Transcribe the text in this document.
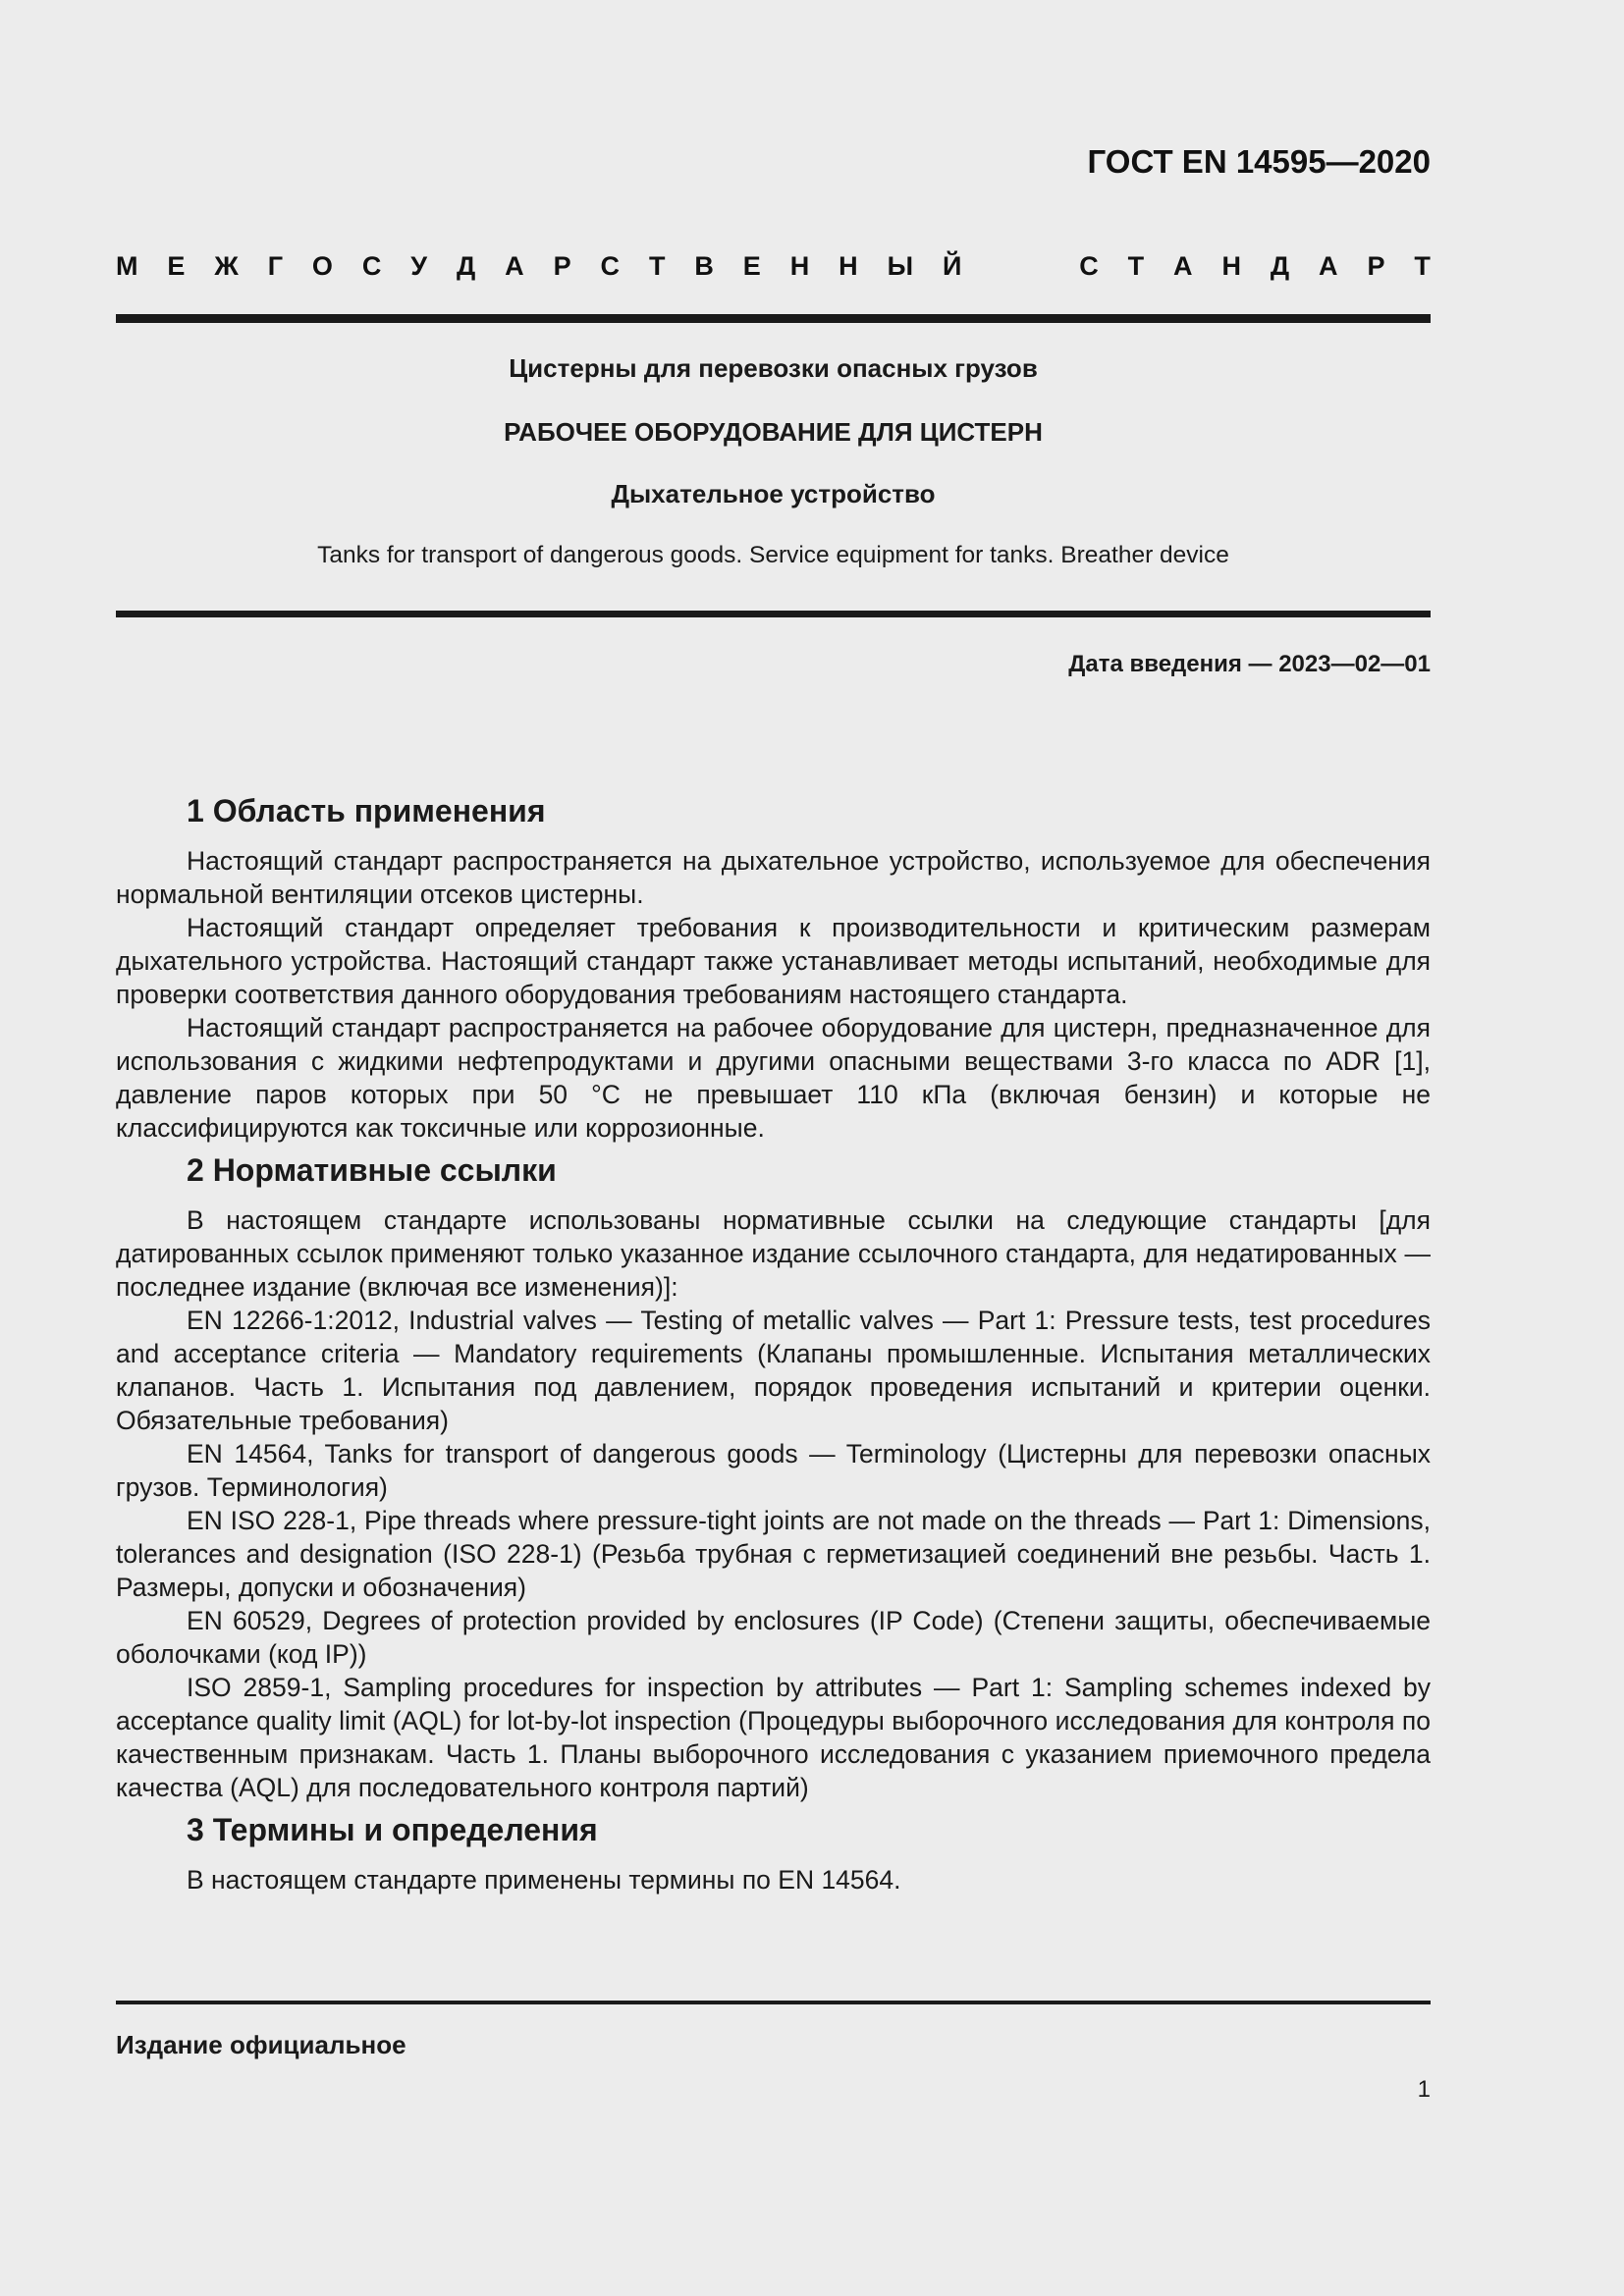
ГОСТ EN 14595—2020
М Е Ж Г О С У Д А Р С Т В Е Н Н Ы Й	С Т А Н Д А Р Т
Цистерны для перевозки опасных грузов
РАБОЧЕЕ ОБОРУДОВАНИЕ ДЛЯ ЦИСТЕРН
Дыхательное устройство
Tanks for transport of dangerous goods. Service equipment for tanks. Breather device
Дата введения — 2023—02—01
1 Область применения

Настоящий стандарт распространяется на дыхательное устройство, используемое для обеспечения нормальной вентиляции отсеков цистерны.

Настоящий стандарт определяет требования к производительности и критическим размерам дыхательного устройства. Настоящий стандарт также устанавливает методы испытаний, необходимые для проверки соответствия данного оборудования требованиям настоящего стандарта.

Настоящий стандарт распространяется на рабочее оборудование для цистерн, предназначенное для использования с жидкими нефтепродуктами и другими опасными веществами 3-го класса по ADR [1], давление паров которых при 50 °С не превышает 110 кПа (включая бензин) и которые не классифицируются как токсичные или коррозионные.

2 Нормативные ссылки

В настоящем стандарте использованы нормативные ссылки на следующие стандарты [для датированных ссылок применяют только указанное издание ссылочного стандарта, для недатированных — последнее издание (включая все изменения)]:

EN 12266-1:2012, Industrial valves — Testing of metallic valves — Part 1: Pressure tests, test procedures and acceptance criteria — Mandatory requirements (Клапаны промышленные. Испытания металлических клапанов. Часть 1. Испытания под давлением, порядок проведения испытаний и критерии оценки. Обязательные требования)

EN 14564, Tanks for transport of dangerous goods — Terminology (Цистерны для перевозки опасных грузов. Терминология)

EN ISO 228-1, Pipe threads where pressure-tight joints are not made on the threads — Part 1: Dimensions, tolerances and designation (ISO 228-1) (Резьба трубная с герметизацией соединений вне резьбы. Часть 1. Размеры, допуски и обозначения)

EN 60529, Degrees of protection provided by enclosures (IP Code) (Степени защиты, обеспечиваемые оболочками (код IP))

ISO 2859-1, Sampling procedures for inspection by attributes — Part 1: Sampling schemes indexed by acceptance quality limit (AQL) for lot-by-lot inspection (Процедуры выборочного исследования для контроля по качественным признакам. Часть 1. Планы выборочного исследования с указанием приемочного предела качества (AQL) для последовательного контроля партий)

3 Термины и определения

В настоящем стандарте применены термины по EN 14564.

Издание официальное
1
